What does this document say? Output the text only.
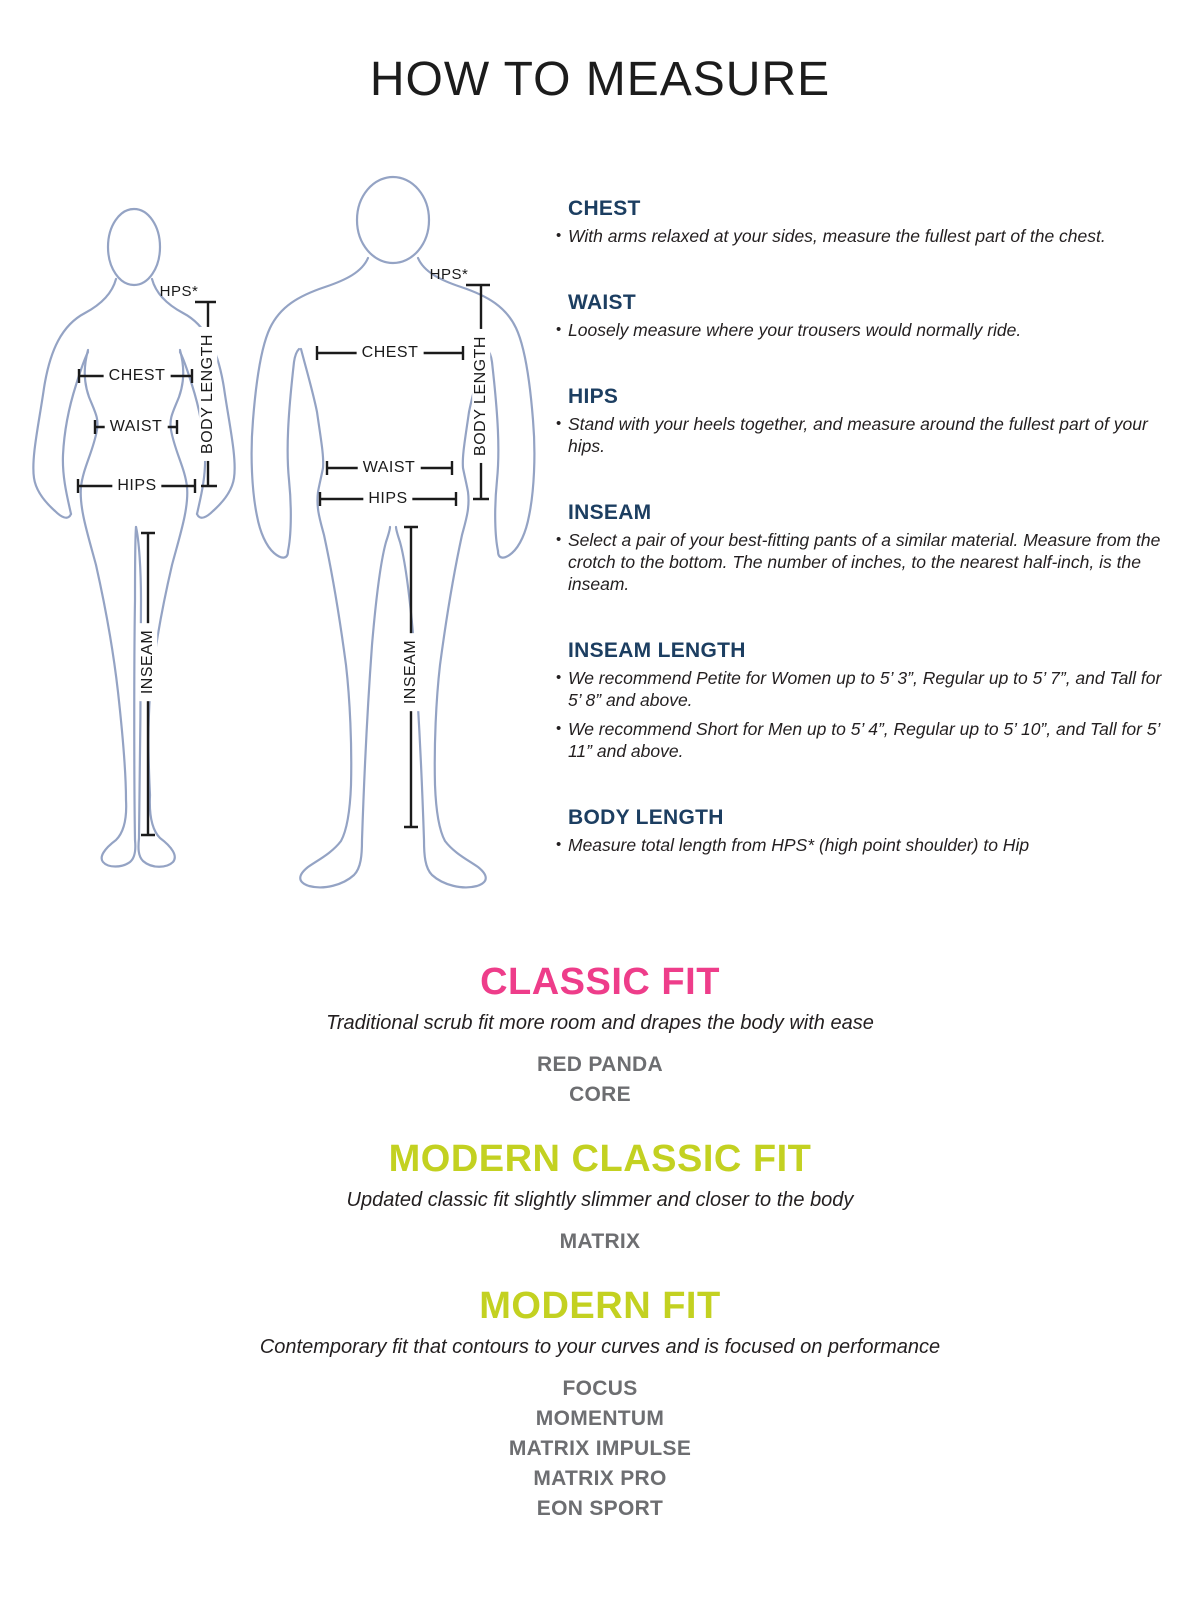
HOW TO MEASURE
HPS*
CHEST
WAIST
HIPS
BODY LENGTH
INSEAM
HPS*
CHEST
WAIST
HIPS
BODY LENGTH
INSEAM
CHEST
• With arms relaxed at your sides, measure the fullest part of the chest.
WAIST
• Loosely measure where your trousers would normally ride.
HIPS
• Stand with your heels together, and measure around the fullest part of your hips.
INSEAM
• Select a pair of your best-fitting pants of a similar material. Measure from the crotch to the bottom. The number of inches, to the nearest half-inch, is the inseam.
INSEAM LENGTH
• We recommend Petite for Women up to 5’ 3”, Regular up to 5’ 7”, and Tall for 5’ 8” and above.
• We recommend Short for Men up to 5’ 4”, Regular up to 5’ 10”, and Tall for 5’ 11” and above.
BODY LENGTH
• Measure total length from HPS* (high point shoulder) to Hip
CLASSIC FIT

Traditional scrub fit more room and drapes the body with ease

RED PANDA
CORE
MODERN CLASSIC FIT

Updated classic fit slightly slimmer and closer to the body

MATRIX
MODERN FIT

Contemporary fit that contours to your curves and is focused on performance

FOCUS
MOMENTUM
MATRIX IMPULSE
MATRIX PRO
EON SPORT
